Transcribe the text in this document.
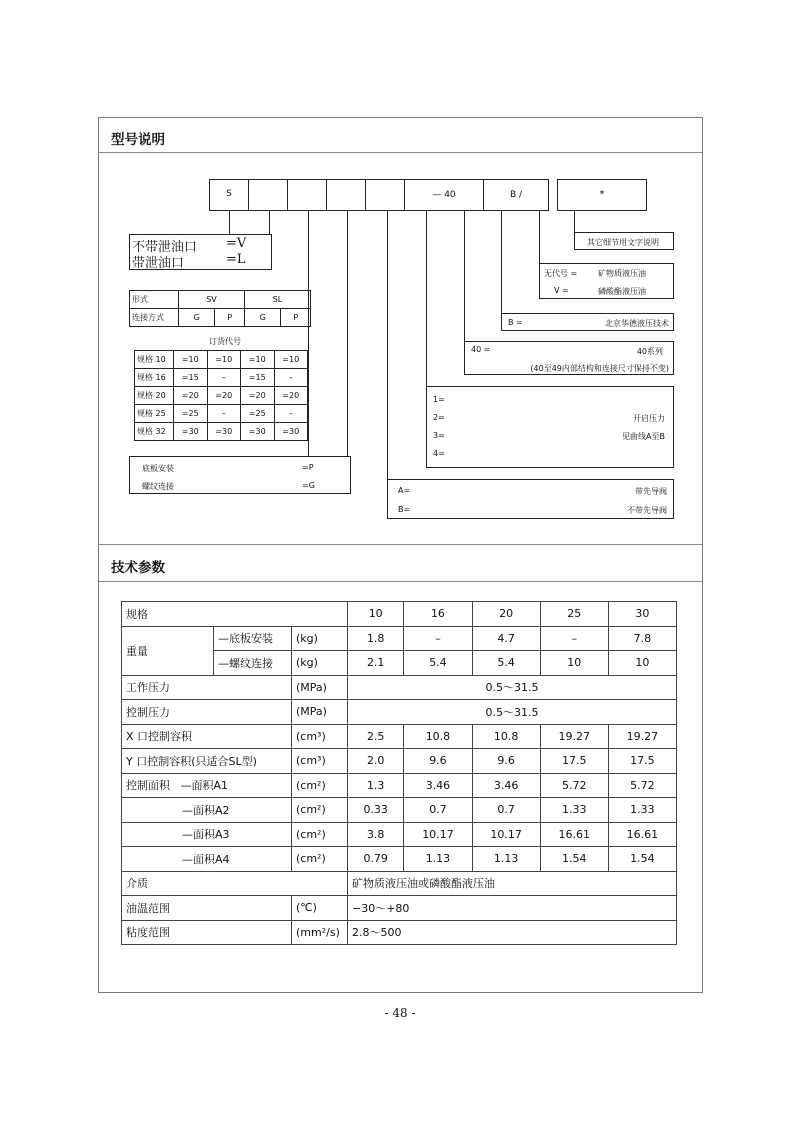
型号说明
S	— 40	B /	*
不带泄油口 =V
带泄油口	=L
形式	SV		SL	
连接方式	G	P	G	P
订货代号
规格 10	=10	=10	=10	=10
规格 16	=15	–	=15	–
规格 20	=20	=20	=20	=20
规格 25	=25	–	=25	–
规格 32	=30	=30	=30	=30
底板安装	=P
螺纹连接	=G
其它细节用文字说明
无代号 =	矿物质液压油
V =	磷酸酯液压油
B =	北京华德液压技术
40 =	40系列
(40至49内部结构和连接尺寸保持不变)
1=
2=
3=
4=
开启压力
见曲线A至B
A=	带先导阀
B=	不带先导阀
技术参数
规格			10	16	20	25	30
重量	—底板安装	(kg)	1.8	–	4.7	–	7.8
	—螺纹连接	(kg)	2.1	5.4	5.4	10	10
工作压力		(MPa)	0.5～31.5				
控制压力		(MPa)	0.5～31.5				
X 口控制容积		(cm³)	2.5	10.8	10.8	19.27	19.27
Y 口控制容积(只适合SL型)		(cm³)	2.0	9.6	9.6	17.5	17.5
控制面积 —面积A1		(cm²)	1.3	3.46	3.46	5.72	5.72
—面积A2		(cm²)	0.33	0.7	0.7	1.33	1.33
—面积A3		(cm²)	3.8	10.17	10.17	16.61	16.61
—面积A4		(cm²)	0.79	1.13	1.13	1.54	1.54
介质			矿物质液压油或磷酸酯液压油				
油温范围		(℃)	−30～+80				
粘度范围		(mm²/s)	2.8～500				
- 48 -
